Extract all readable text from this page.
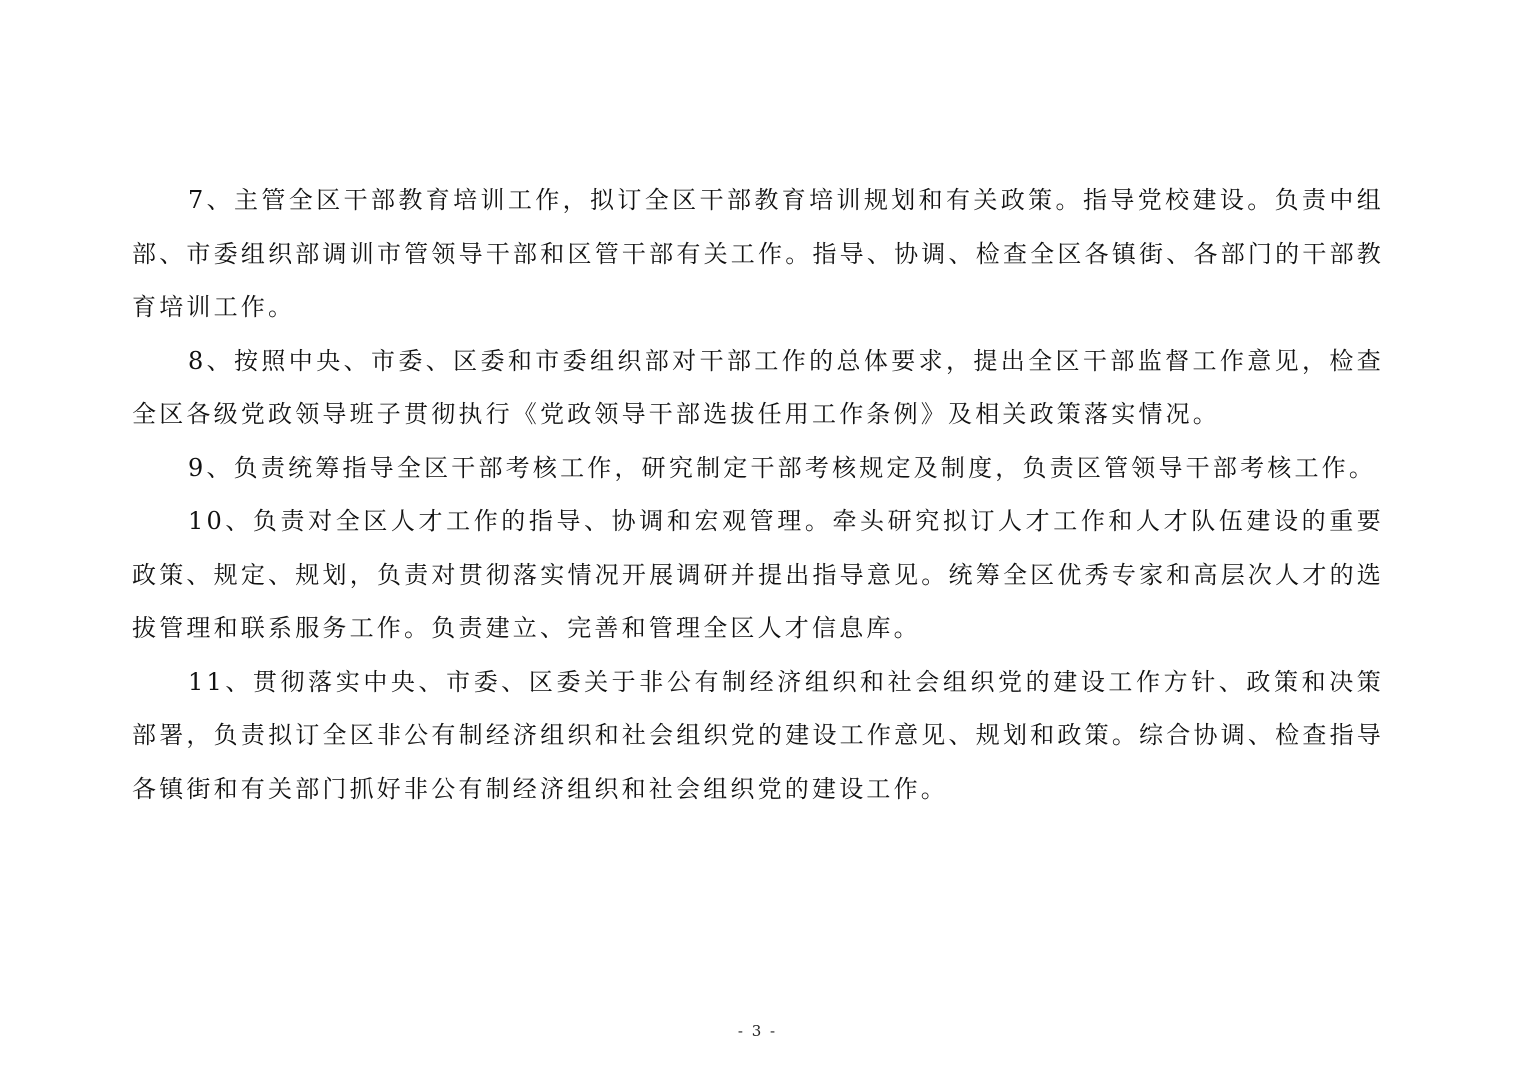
7、主管全区干部教育培训工作，拟订全区干部教育培训规划和有关政策。指导党校建设。负责中组部、市委组织部调训市管领导干部和区管干部有关工作。指导、协调、检查全区各镇街、各部门的干部教育培训工作。

8、按照中央、市委、区委和市委组织部对干部工作的总体要求，提出全区干部监督工作意见，检查全区各级党政领导班子贯彻执行《党政领导干部选拔任用工作条例》及相关政策落实情况。

9、负责统筹指导全区干部考核工作，研究制定干部考核规定及制度，负责区管领导干部考核工作。

10、负责对全区人才工作的指导、协调和宏观管理。牵头研究拟订人才工作和人才队伍建设的重要政策、规定、规划，负责对贯彻落实情况开展调研并提出指导意见。统筹全区优秀专家和高层次人才的选拔管理和联系服务工作。负责建立、完善和管理全区人才信息库。

11、贯彻落实中央、市委、区委关于非公有制经济组织和社会组织党的建设工作方针、政策和决策部署，负责拟订全区非公有制经济组织和社会组织党的建设工作意见、规划和政策。综合协调、检查指导各镇街和有关部门抓好非公有制经济组织和社会组织党的建设工作。

- 3 -
